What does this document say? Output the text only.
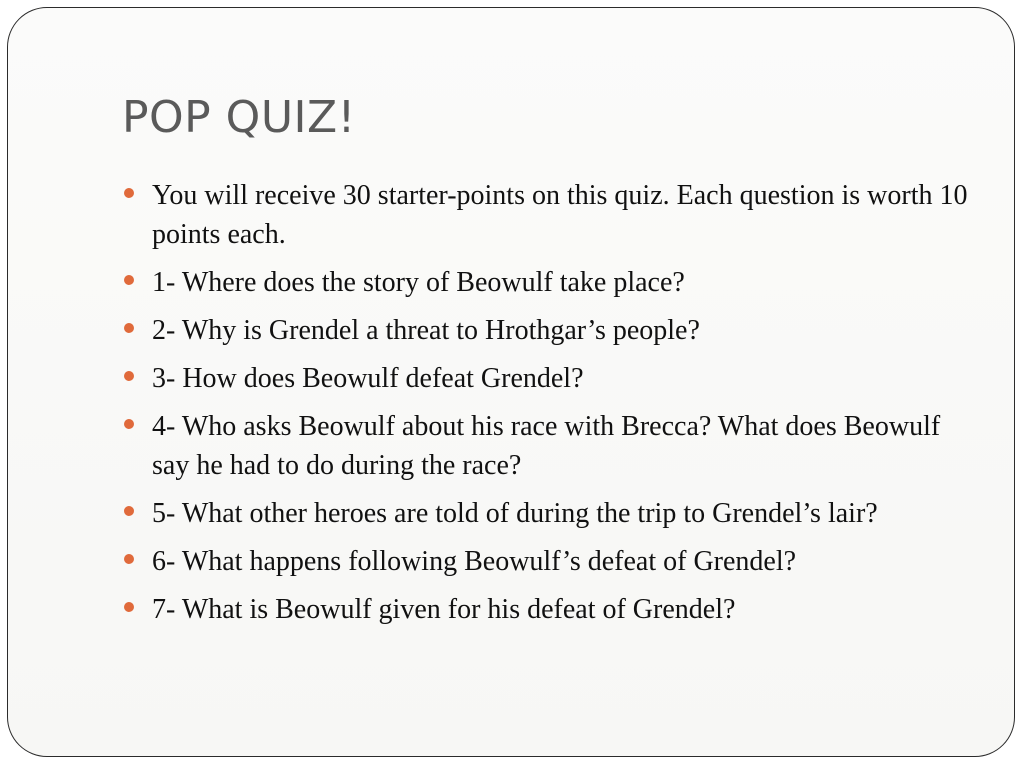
POP QUIZ!
You will receive 30 starter-points on this quiz. Each question is worth 10 points each.
1- Where does the story of Beowulf take place?
2- Why is Grendel a threat to Hrothgar’s people?
3- How does Beowulf defeat Grendel?
4- Who asks Beowulf about his race with Brecca? What does Beowulf say he had to do during the race?
5- What other heroes are told of during the trip to Grendel’s lair?
6- What happens following Beowulf’s defeat of Grendel?
7- What is Beowulf given for his defeat of Grendel?
